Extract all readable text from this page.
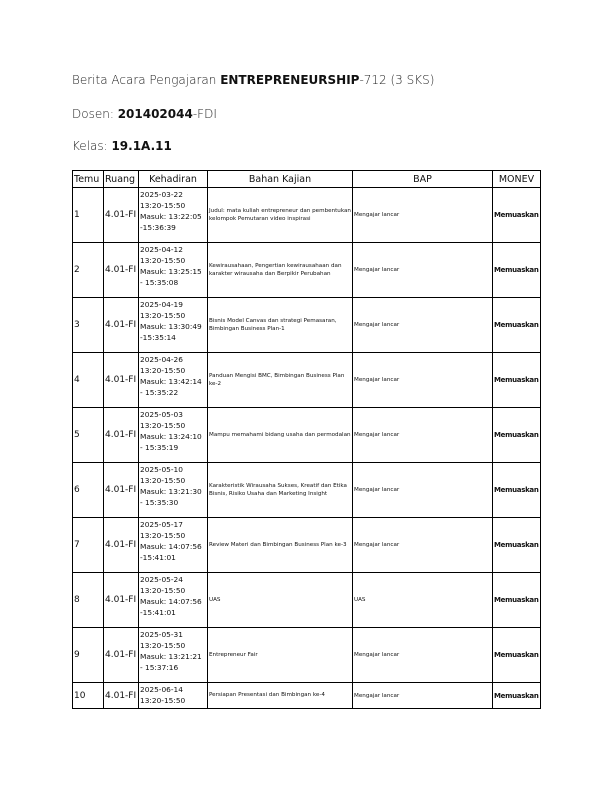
Berita Acara Pengajaran ENTREPRENEURSHIP-712 (3 SKS)
Dosen: 201402044-FDI
Kelas: 19.1A.11
Temu	Ruang	Kehadiran	Bahan Kajian	BAP	MONEV
1	4.01-FI	2025-03-22
13:20-15:50
Masuk: 13:22:05 -15:36:39	Judul: mata kuliah entrepreneur dan pembentukan kelompok Pemutaran video inspirasi	Mengajar lancar	Memuaskan
2	4.01-FI	2025-04-12
13:20-15:50
Masuk: 13:25:15 - 15:35:08	Kewirausahaan, Pengertian kewirausahaan dan karakter wirausaha dan Berpikir Perubahan	Mengajar lancar	Memuaskan
3	4.01-FI	2025-04-19
13:20-15:50
Masuk: 13:30:49 -15:35:14	Bisnis Model Canvas dan strategi Pemasaran, Bimbingan Business Plan-1	Mengajar lancar	Memuaskan
4	4.01-FI	2025-04-26
13:20-15:50
Masuk: 13:42:14 - 15:35:22	Panduan Mengisi BMC, Bimbingan Business Plan ke-2	Mengajar lancar	Memuaskan
5	4.01-FI	2025-05-03
13:20-15:50
Masuk: 13:24:10 - 15:35:19	Mampu memahami bidang usaha dan permodalan	Mengajar lancar	Memuaskan
6	4.01-FI	2025-05-10
13:20-15:50
Masuk: 13:21:30 - 15:35:30	Karakteristik Wirausaha Sukses, Kreatif dan Etika Bisnis, Risiko Usaha dan Marketing Insight	Mengajar lancar	Memuaskan
7	4.01-FI	2025-05-17
13:20-15:50
Masuk: 14:07:56 -15:41:01	Review Materi dan Bimbingan Business Plan ke-3	Mengajar lancar	Memuaskan
8	4.01-FI	2025-05-24
13:20-15:50
Masuk: 14:07:56 -15:41:01	UAS	UAS	Memuaskan
9	4.01-FI	2025-05-31
13:20-15:50
Masuk: 13:21:21 - 15:37:16	Entrepreneur Fair	Mengajar lancar	Memuaskan
10	4.01-FI	2025-06-14
13:20-15:50	Persiapan Presentasi dan Bimbingan ke-4	Mengajar lancar	Memuaskan
